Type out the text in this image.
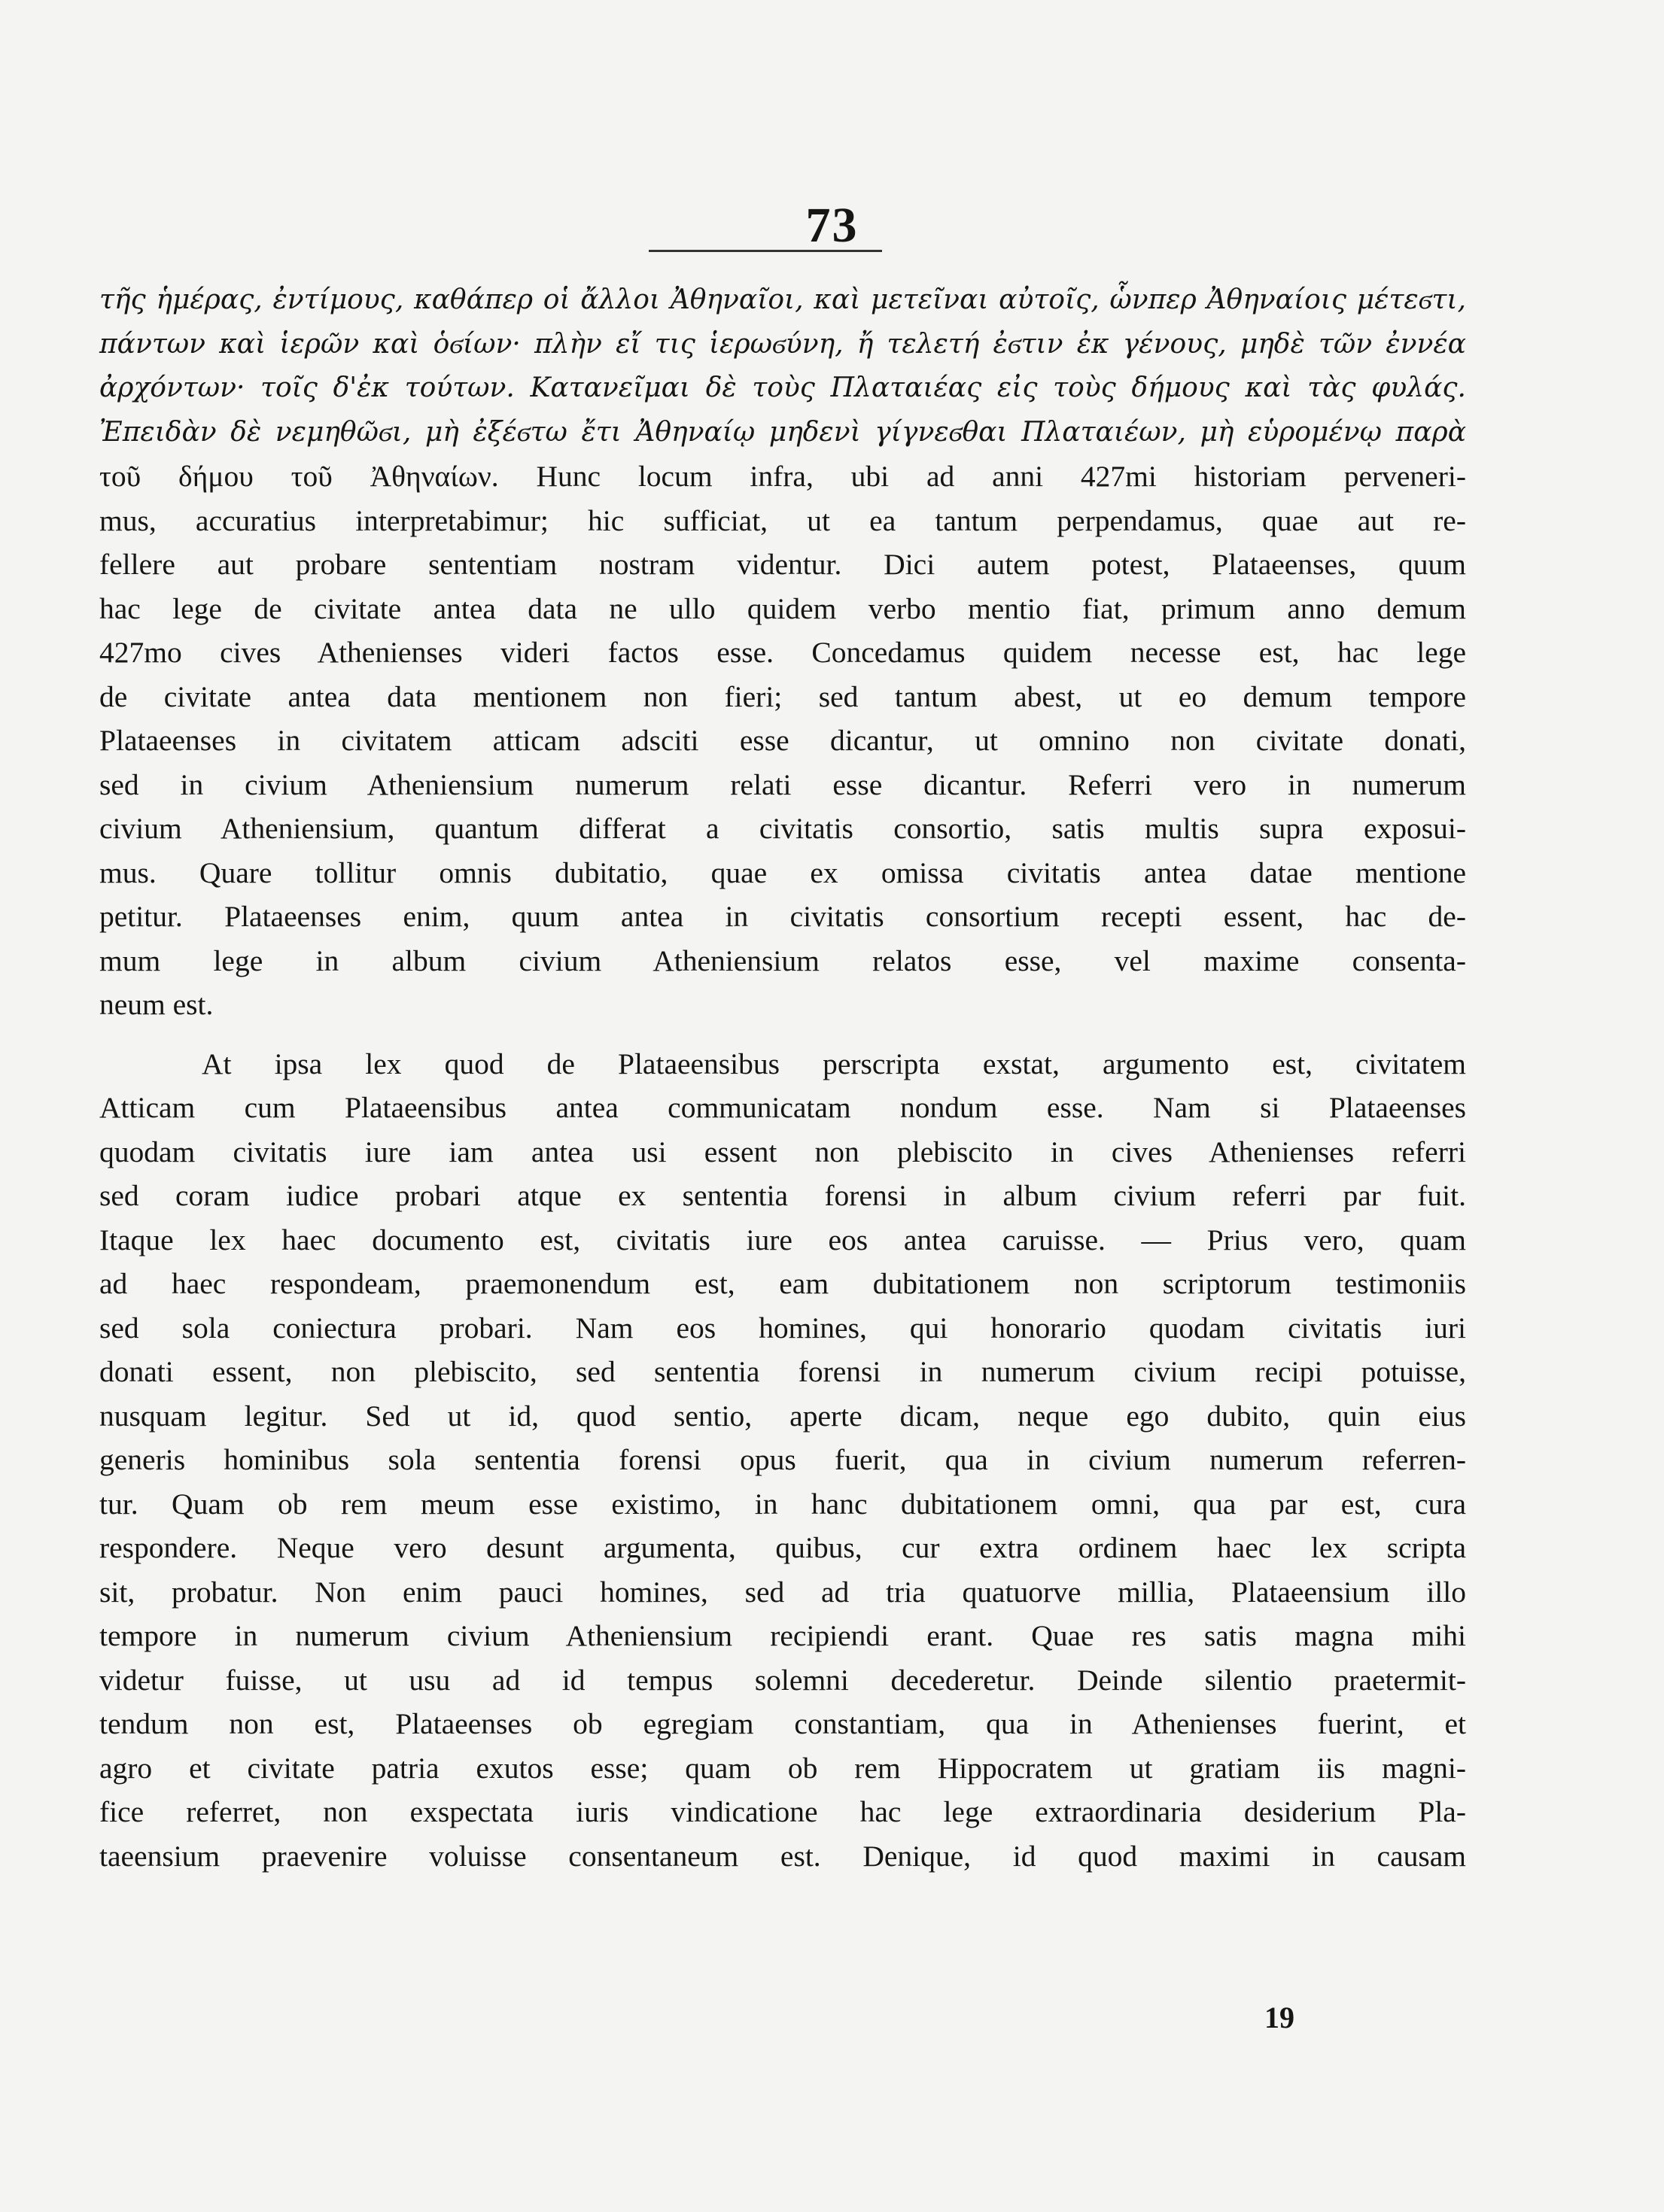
73
τῆς ἡμέρας, ἐντίμους, καθάπερ οἱ ἄλλοι Ἀθηναῖοι, καὶ μετεῖναι αὐτοῖς, ὧνπερ Ἀθηναίοις μέτεϭτι,
πάντων καὶ ἱερῶν καὶ ὁϭίων· πλὴν εἴ τις ἱερωϭύνη, ἤ τελετή ἐϭτιν ἐκ γένους, μηδὲ τῶν ἐννέα
ἀρχόντων· τοῖς δ'ἐκ τούτων. Κατανεῖμαι δὲ τοὺς Πλαταιέας εἰς τοὺς δήμους καὶ τὰς φυλάς.
Ἐπειδὰν δὲ νεμηθῶϭι, μὴ ἐξέϭτω ἔτι Ἀθηναίῳ μηδενὶ γίγνεϭθαι Πλαταιέων, μὴ εὑρομένῳ παρὰ
τοῦ δήμου τοῦ Ἀθηναίων. Hunc locum infra, ubi ad anni 427mi historiam perveneri-
mus, accuratius interpretabimur; hic sufficiat, ut ea tantum perpendamus, quae aut re-
fellere aut probare sententiam nostram videntur. Dici autem potest, Plataeenses, quum
hac lege de civitate antea data ne ullo quidem verbo mentio fiat, primum anno demum
427mo cives Athenienses videri factos esse. Concedamus quidem necesse est, hac lege
de civitate antea data mentionem non fieri; sed tantum abest, ut eo demum tempore
Plataeenses in civitatem atticam adsciti esse dicantur, ut omnino non civitate donati,
sed in civium Atheniensium numerum relati esse dicantur. Referri vero in numerum
civium Atheniensium, quantum differat a civitatis consortio, satis multis supra exposui-
mus. Quare tollitur omnis dubitatio, quae ex omissa civitatis antea datae mentione
petitur. Plataeenses enim, quum antea in civitatis consortium recepti essent, hac de-
mum lege in album civium Atheniensium relatos esse, vel maxime consenta-
neum est.
At ipsa lex quod de Plataeensibus perscripta exstat, argumento est, civitatem
Atticam cum Plataeensibus antea communicatam nondum esse. Nam si Plataeenses
quodam civitatis iure iam antea usi essent non plebiscito in cives Athenienses referri
sed coram iudice probari atque ex sententia forensi in album civium referri par fuit.
Itaque lex haec documento est, civitatis iure eos antea caruisse. — Prius vero, quam
ad haec respondeam, praemonendum est, eam dubitationem non scriptorum testimoniis
sed sola coniectura probari. Nam eos homines, qui honorario quodam civitatis iuri
donati essent, non plebiscito, sed sententia forensi in numerum civium recipi potuisse,
nusquam legitur. Sed ut id, quod sentio, aperte dicam, neque ego dubito, quin eius
generis hominibus sola sententia forensi opus fuerit, qua in civium numerum referren-
tur. Quam ob rem meum esse existimo, in hanc dubitationem omni, qua par est, cura
respondere. Neque vero desunt argumenta, quibus, cur extra ordinem haec lex scripta
sit, probatur. Non enim pauci homines, sed ad tria quatuorve millia, Plataeensium illo
tempore in numerum civium Atheniensium recipiendi erant. Quae res satis magna mihi
videtur fuisse, ut usu ad id tempus solemni decederetur. Deinde silentio praetermit-
tendum non est, Plataeenses ob egregiam constantiam, qua in Athenienses fuerint, et
agro et civitate patria exutos esse; quam ob rem Hippocratem ut gratiam iis magni-
fice referret, non exspectata iuris vindicatione hac lege extraordinaria desiderium Pla-
taeensium praevenire voluisse consentaneum est. Denique, id quod maximi in causam
19
